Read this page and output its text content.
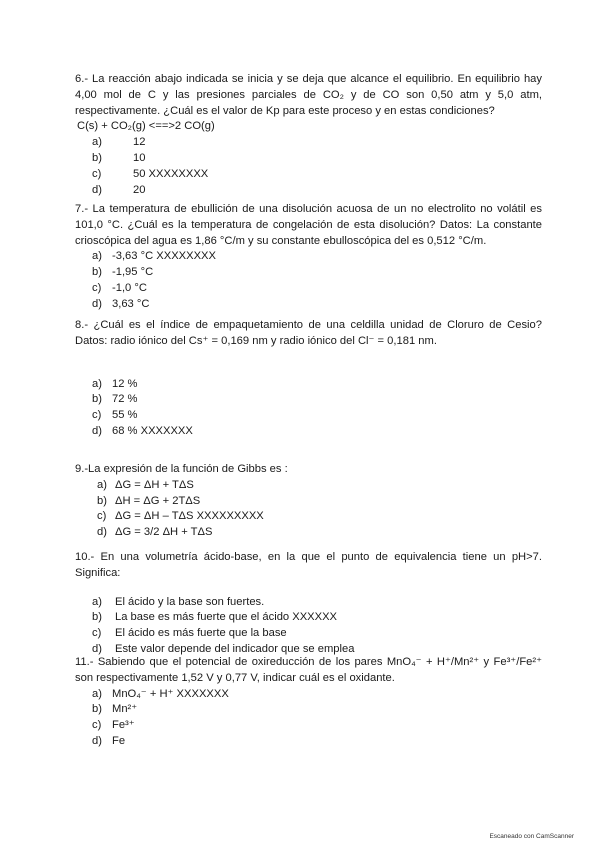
6.- La reacción abajo indicada se inicia y se deja que alcance el equilibrio. En equilibrio hay 4,00 mol de C y las presiones parciales de CO₂ y de CO son 0,50 atm y 5,0 atm, respectivamente. ¿Cuál es el valor de Kp para este proceso y en estas condiciones?

C(s) + CO₂(g) <==>2 CO(g)
a)	12
b)	10
c)	50 XXXXXXXX
d)	20

7.- La temperatura de ebullición de una disolución acuosa de un no electrolito no volátil es 101,0 °C. ¿Cuál es la temperatura de congelación de esta disolución? Datos: La constante crioscópica del agua es 1,86 °C/m y su constante ebulloscópica del es 0,512 °C/m.

a) -3,63 °C XXXXXXXX
b) -1,95 °C
c) -1,0 °C
d) 3,63 °C

8.- ¿Cuál es el índice de empaquetamiento de una celdilla unidad de Cloruro de Cesio? Datos: radio iónico del Cs⁺ = 0,169 nm y radio iónico del Cl⁻ = 0,181 nm.

a) 12 %
b) 72 %
c) 55 %
d) 68 % XXXXXXX

9.-La expresión de la función de Gibbs es :

a) ΔG = ΔH + TΔS
b) ΔH = ΔG + 2TΔS
c) ΔG = ΔH – TΔS XXXXXXXXX
d) ΔG = 3/2 ΔH + TΔS

10.- En una volumetría ácido-base, en la que el punto de equivalencia tiene un pH>7. Significa:

a)	El ácido y la base son fuertes.
b)	La base es más fuerte que el ácido XXXXXX
c)	El ácido es más fuerte que la base
d)	Este valor depende del indicador que se emplea

11.- Sabiendo que el potencial de oxireducción de los pares MnO₄⁻ + H⁺/Mn²⁺ y Fe³⁺/Fe²⁺ son respectivamente 1,52 V y 0,77 V, indicar cuál es el oxidante.

a) MnO₄⁻ + H⁺ XXXXXXX
b) Mn²⁺
c) Fe³⁺
d) Fe
Escaneado con CamScanner
